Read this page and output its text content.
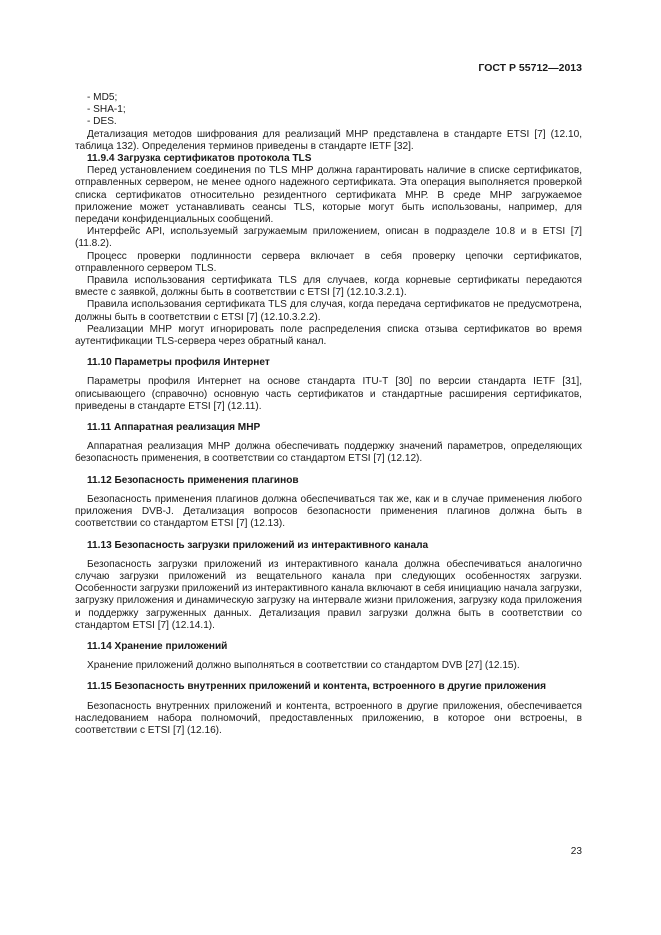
ГОСТ Р 55712—2013

- MD5;

- SHA-1;

- DES.

Детализация методов шифрования для реализаций МНР представлена в стандарте ETSI [7] (12.10, таблица 132). Определения терминов приведены в стандарте IETF [32].

11.9.4 Загрузка сертификатов протокола TLS

Перед установлением соединения по TLS МНР должна гарантировать наличие в списке сертификатов, отправленных сервером, не менее одного надежного сертификата. Эта операция выполняется проверкой списка сертификатов относительно резидентного сертификата МНР. В среде МНР загружаемое приложение может устанавливать сеансы TLS, которые могут быть использованы, например, для передачи конфиденциальных сообщений.

Интерфейс API, используемый загружаемым приложением, описан в подразделе 10.8 и в ETSI [7] (11.8.2).

Процесс проверки подлинности сервера включает в себя проверку цепочки сертификатов, отправленного сервером TLS.

Правила использования сертификата TLS для случаев, когда корневые сертификаты передаются вместе с заявкой, должны быть в соответствии с ETSI [7] (12.10.3.2.1).

Правила использования сертификата TLS для случая, когда передача сертификатов не предусмотрена, должны быть в соответствии с ETSI [7] (12.10.3.2.2).

Реализации МНР могут игнорировать поле распределения списка отзыва сертификатов во время аутентификации TLS-сервера через обратный канал.

11.10 Параметры профиля Интернет

Параметры профиля Интернет на основе стандарта ITU-T [30] по версии стандарта IETF [31], описывающего (справочно) основную часть сертификатов и стандартные расширения сертификатов, приведены в стандарте ETSI [7] (12.11).

11.11 Аппаратная реализация МНР

Аппаратная реализация МНР должна обеспечивать поддержку значений параметров, определяющих безопасность применения, в соответствии со стандартом ETSI [7] (12.12).

11.12 Безопасность применения плагинов

Безопасность применения плагинов должна обеспечиваться так же, как и в случае применения любого приложения DVB-J. Детализация вопросов безопасности применения плагинов должна быть в соответствии со стандартом ETSI [7] (12.13).

11.13 Безопасность загрузки приложений из интерактивного канала

Безопасность загрузки приложений из интерактивного канала должна обеспечиваться аналогично случаю загрузки приложений из вещательного канала при следующих особенностях загрузки. Особенности загрузки приложений из интерактивного канала включают в себя инициацию начала загрузки, загрузку приложения и динамическую загрузку на интервале жизни приложения, загрузку кода приложения и поддержку загруженных данных. Детализация правил загрузки должна быть в соответствии со стандартом ETSI [7] (12.14.1).

11.14 Хранение приложений

Хранение приложений должно выполняться в соответствии со стандартом DVB [27] (12.15).

11.15 Безопасность внутренних приложений и контента, встроенного в другие приложения

Безопасность внутренних приложений и контента, встроенного в другие приложения, обеспечивается наследованием набора полномочий, предоставленных приложению, в которое они встроены, в соответствии с ETSI [7] (12.16).

23
